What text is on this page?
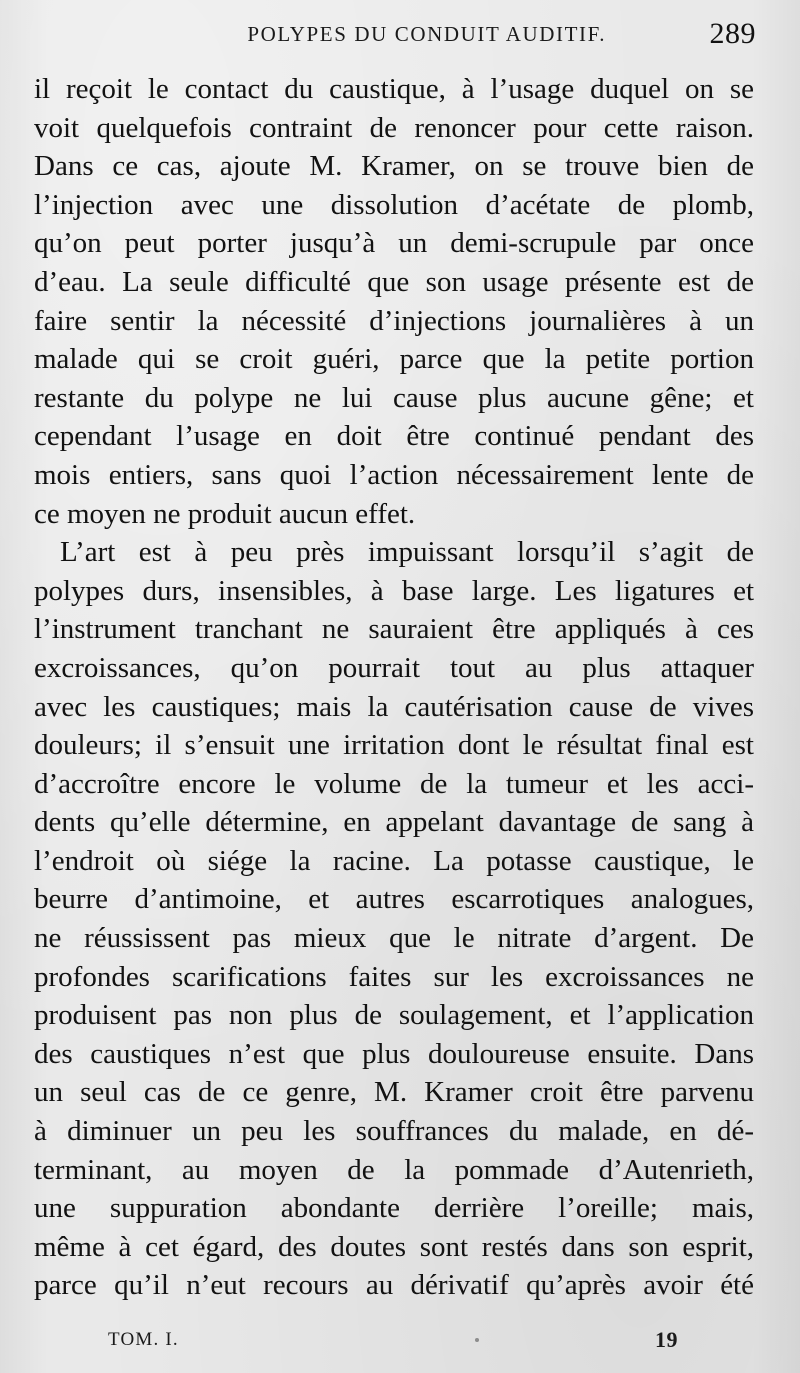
POLYPES DU CONDUIT AUDITIF.	289
il reçoit le contact du caustique, à l’usage duquel on se
voit quelquefois contraint de renoncer pour cette raison.
Dans ce cas, ajoute M. Kramer, on se trouve bien de
l’injection avec une dissolution d’acétate de plomb,
qu’on peut porter jusqu’à un demi-scrupule par once
d’eau. La seule difficulté que son usage présente est de
faire sentir la nécessité d’injections journalières à un
malade qui se croit guéri, parce que la petite portion
restante du polype ne lui cause plus aucune gêne; et
cependant l’usage en doit être continué pendant des
mois entiers, sans quoi l’action nécessairement lente de
ce moyen ne produit aucun effet.
L’art est à peu près impuissant lorsqu’il s’agit de
polypes durs, insensibles, à base large. Les ligatures et
l’instrument tranchant ne sauraient être appliqués à ces
excroissances, qu’on pourrait tout au plus attaquer
avec les caustiques; mais la cautérisation cause de vives
douleurs; il s’ensuit une irritation dont le résultat final est
d’accroître encore le volume de la tumeur et les acci-
dents qu’elle détermine, en appelant davantage de sang à
l’endroit où siége la racine. La potasse caustique, le
beurre d’antimoine, et autres escarrotiques analogues,
ne réussissent pas mieux que le nitrate d’argent. De
profondes scarifications faites sur les excroissances ne
produisent pas non plus de soulagement, et l’application
des caustiques n’est que plus douloureuse ensuite. Dans
un seul cas de ce genre, M. Kramer croit être parvenu
à diminuer un peu les souffrances du malade, en dé-
terminant, au moyen de la pommade d’Autenrieth,
une suppuration abondante derrière l’oreille; mais,
même à cet égard, des doutes sont restés dans son esprit,
parce qu’il n’eut recours au dérivatif qu’après avoir été
TOM. I.	19
